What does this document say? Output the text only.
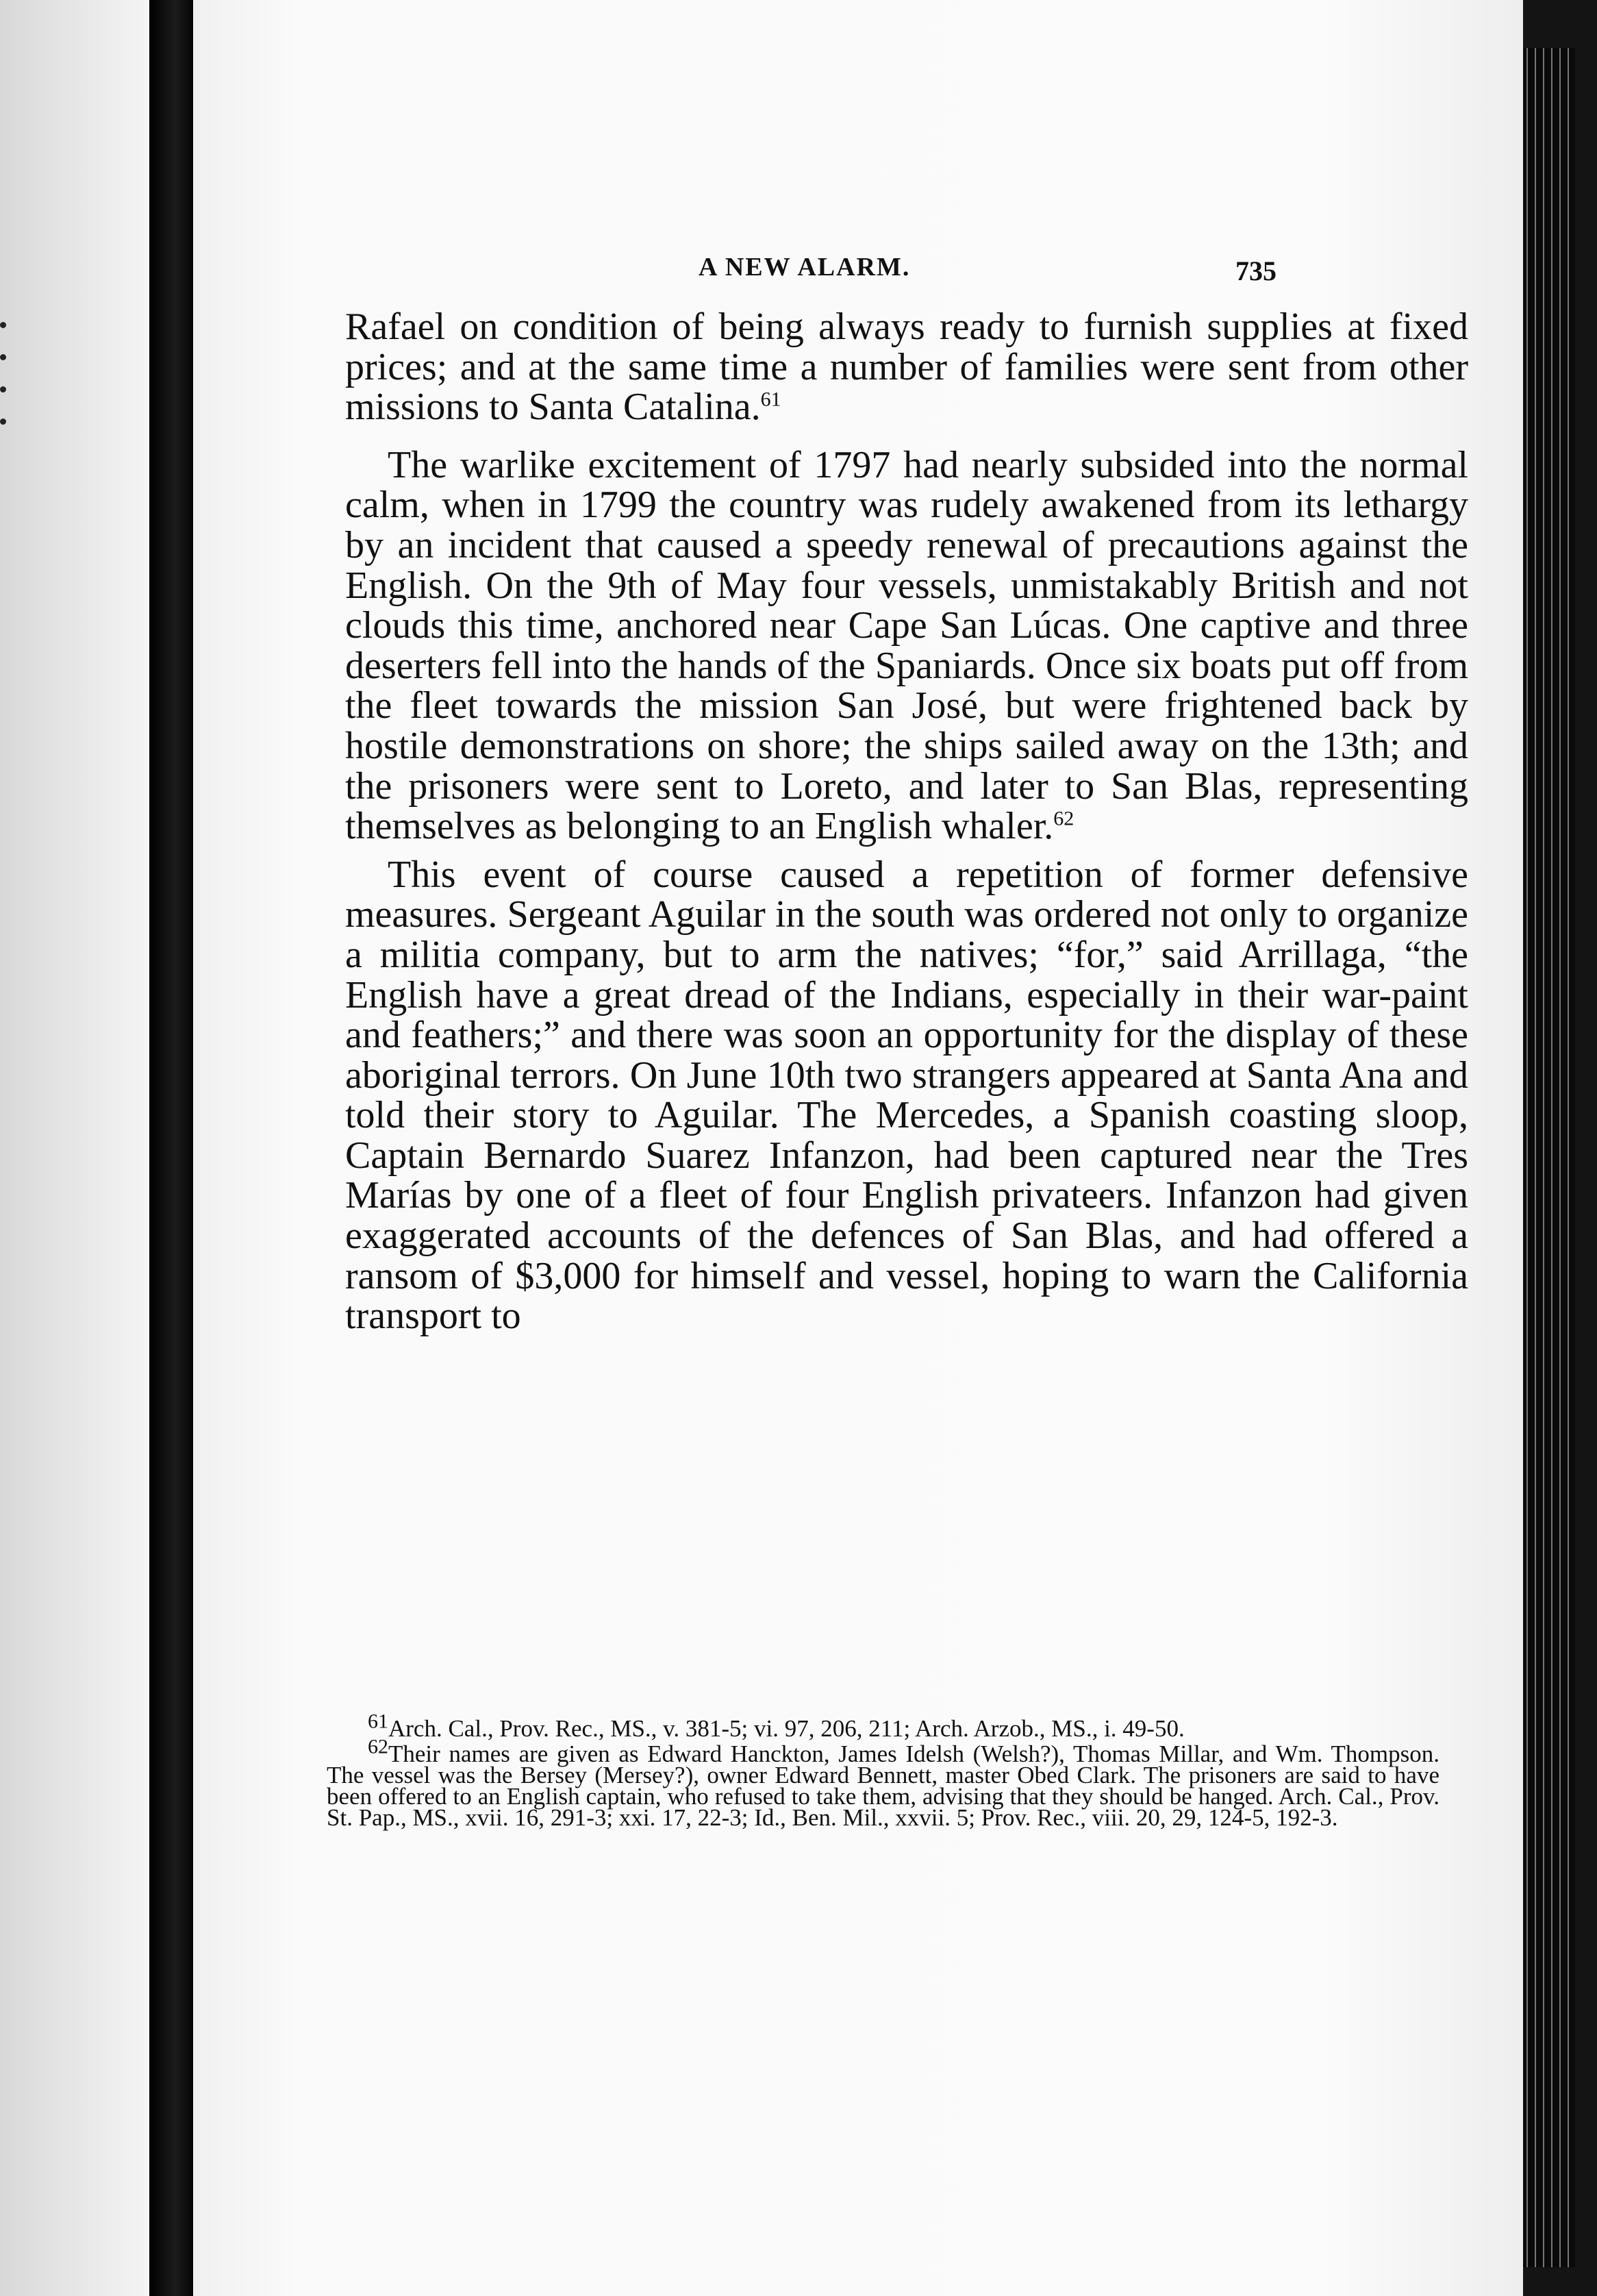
A NEW ALARM.	735

Rafael on condition of being always ready to furnish supplies at fixed prices; and at the same time a number of families were sent from other missions to Santa Catalina.$^{61}$

The warlike excitement of 1797 had nearly subsided into the normal calm, when in 1799 the country was rudely awakened from its lethargy by an incident that caused a speedy renewal of precautions against the English. On the 9th of May four vessels, unmistakably British and not clouds this time, anchored near Cape San Lúcas. One captive and three deserters fell into the hands of the Spaniards. Once six boats put off from the fleet towards the mission San José, but were frightened back by hostile demonstrations on shore; the ships sailed away on the 13th; and the prisoners were sent to Loreto, and later to San Blas, representing themselves as belonging to an English whaler.$^{62}$

This event of course caused a repetition of former defensive measures. Sergeant Aguilar in the south was ordered not only to organize a militia company, but to arm the natives; “for,” said Arrillaga, “the English have a great dread of the Indians, especially in their war-paint and feathers;” and there was soon an opportunity for the display of these aboriginal terrors. On June 10th two strangers appeared at Santa Ana and told their story to Aguilar. The Mercedes, a Spanish coasting sloop, Captain Bernardo Suarez Infanzon, had been captured near the Tres Marías by one of a fleet of four English privateers. Infanzon had given exaggerated accounts of the defences of San Blas, and had offered a ransom of $3,000 for himself and vessel, hoping to warn the California transport to

$^{61}$Arch. Cal., Prov. Rec., MS., v. 381-5; vi. 97, 206, 211; Arch. Arzob., MS., i. 49-50.

$^{62}$Their names are given as Edward Hanckton, James Idelsh (Welsh?), Thomas Millar, and Wm. Thompson. The vessel was the Bersey (Mersey?), owner Edward Bennett, master Obed Clark. The prisoners are said to have been offered to an English captain, who refused to take them, advising that they should be hanged. Arch. Cal., Prov. St. Pap., MS., xvii. 16, 291-3; xxi. 17, 22-3; Id., Ben. Mil., xxvii. 5; Prov. Rec., viii. 20, 29, 124-5, 192-3.
